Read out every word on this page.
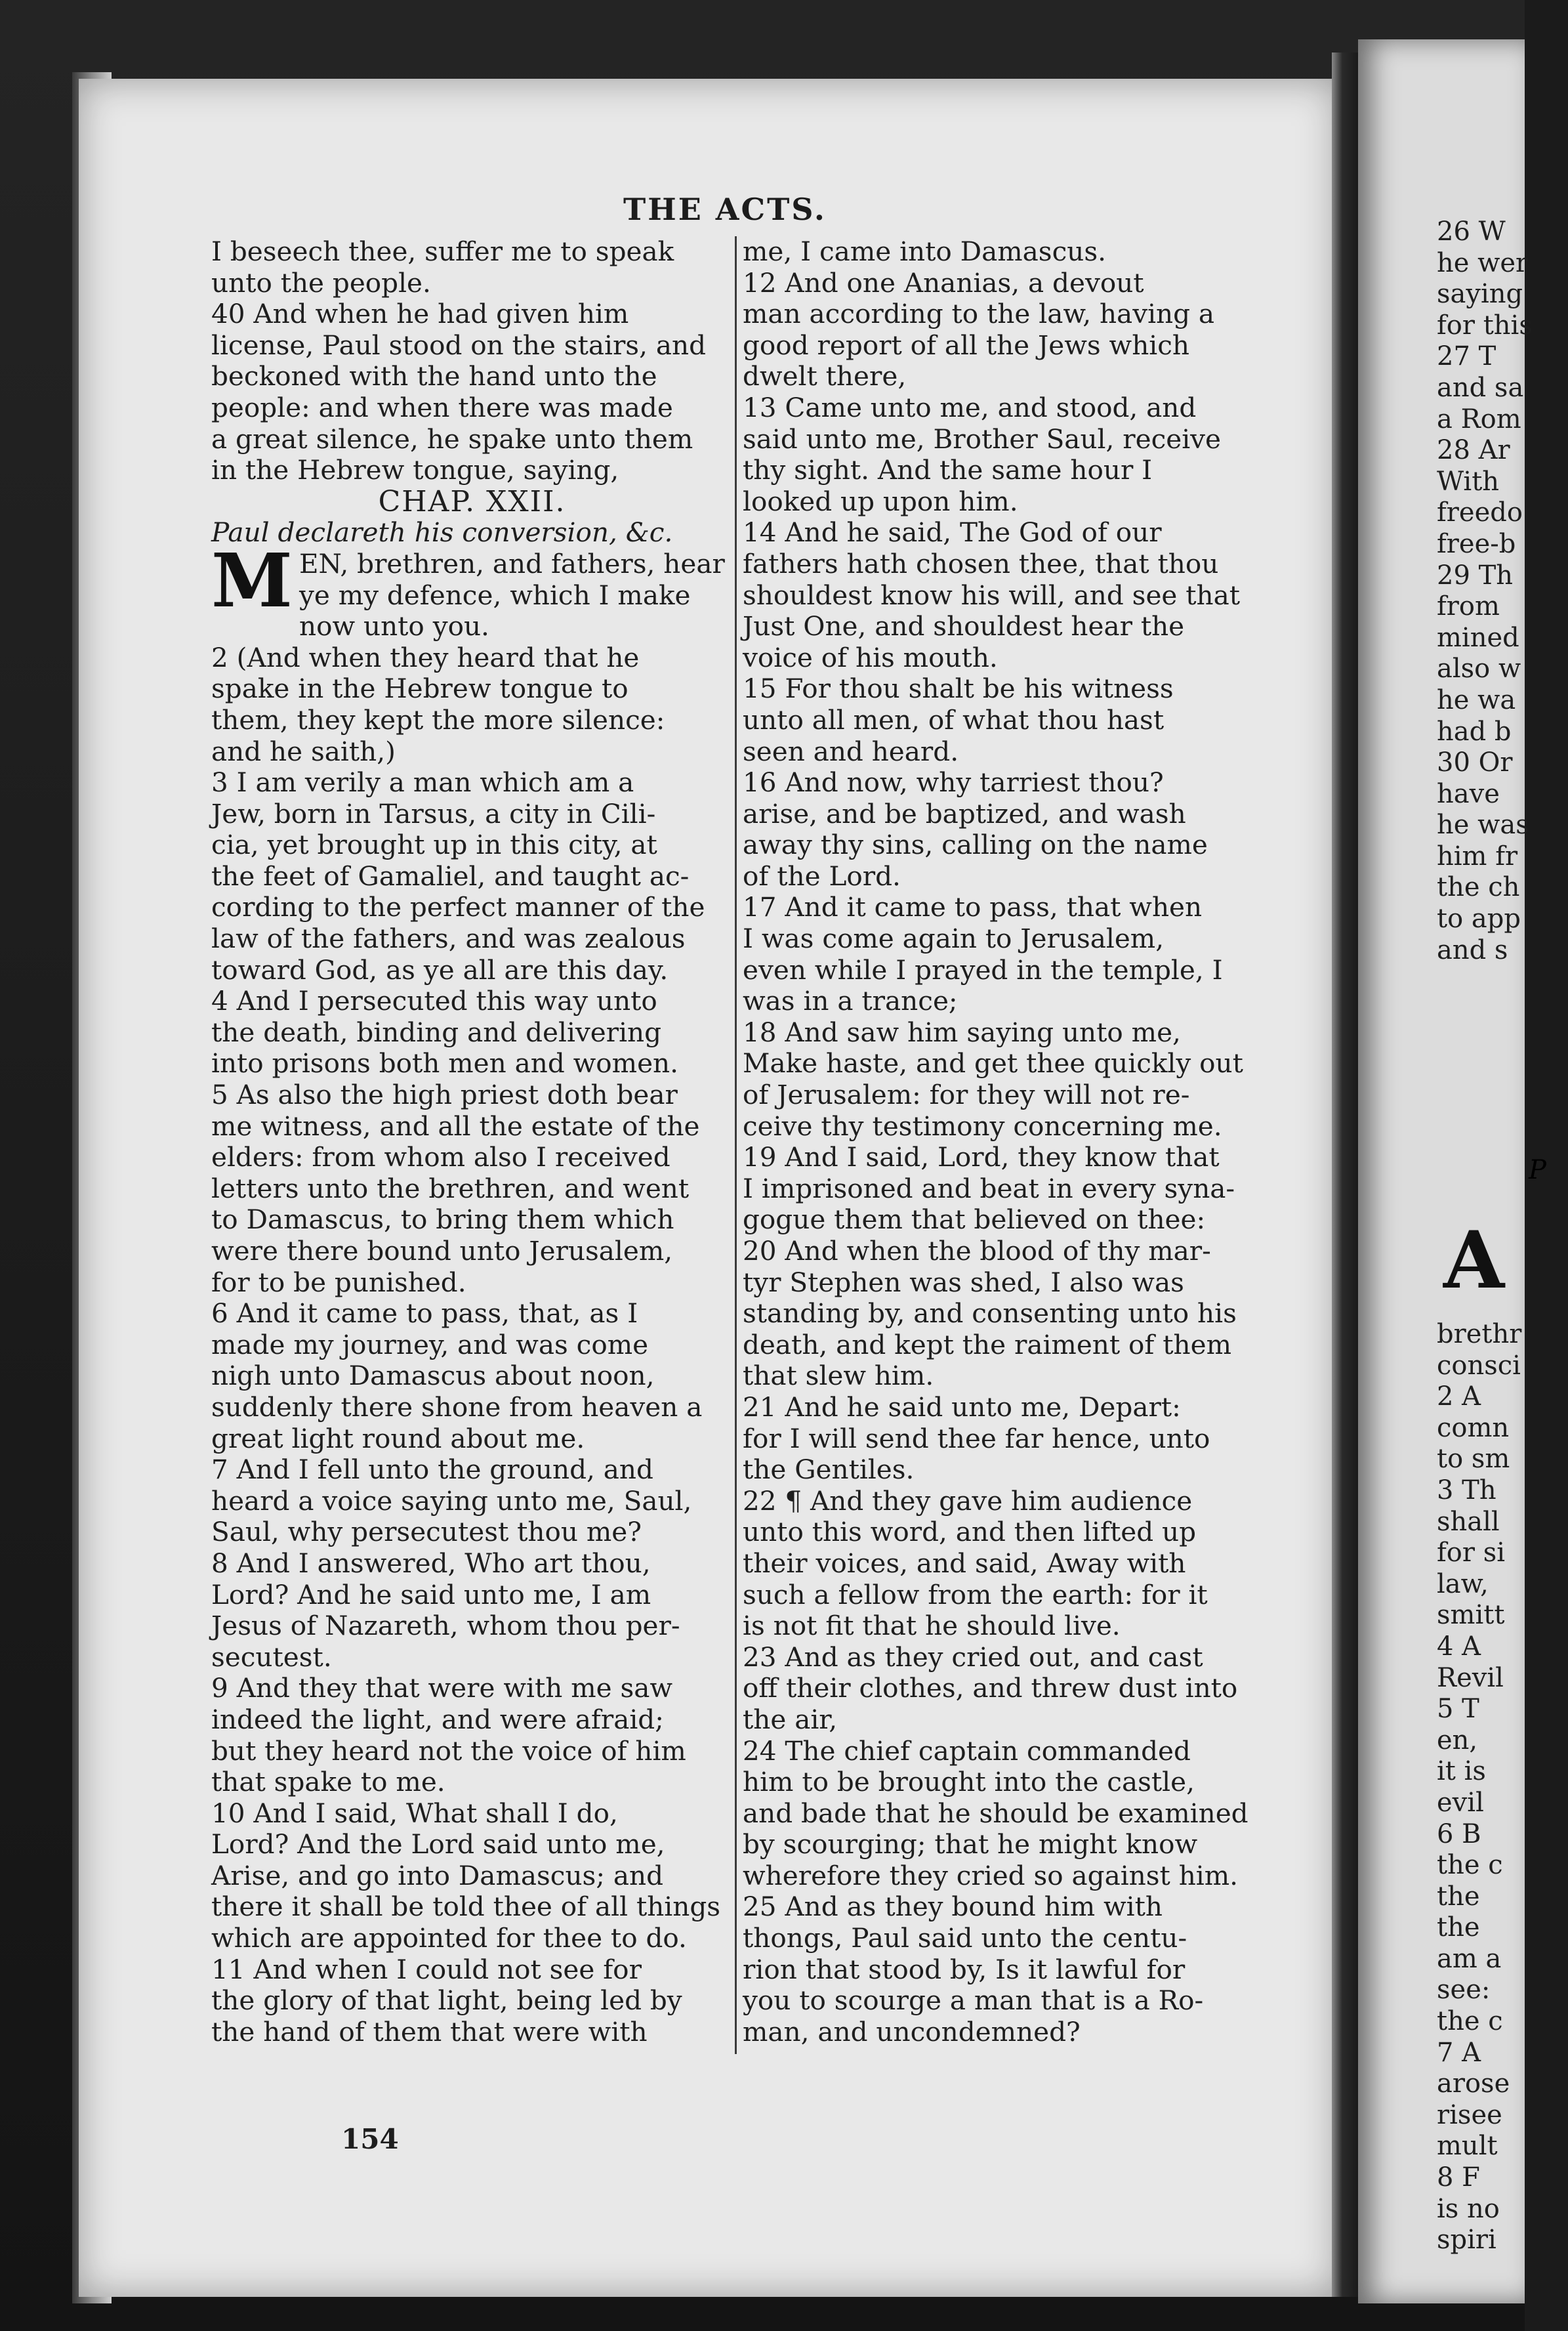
THE ACTS.
I beseech thee, suffer me to speak
unto the people.
40 And when he had given him
license, Paul stood on the stairs, and
beckoned with the hand unto the
people: and when there was made
a great silence, he spake unto them
in the Hebrew tongue, saying,
CHAP. XXII.
Paul declareth his conversion, &c.
M EN, brethren, and fathers, hear
ye my defence, which I make
now unto you.
2 (And when they heard that he
spake in the Hebrew tongue to
them, they kept the more silence:
and he saith,)
3 I am verily a man which am a
Jew, born in Tarsus, a city in Cili-
cia, yet brought up in this city, at
the feet of Gamaliel, and taught ac-
cording to the perfect manner of the
law of the fathers, and was zealous
toward God, as ye all are this day.
4 And I persecuted this way unto
the death, binding and delivering
into prisons both men and women.
5 As also the high priest doth bear
me witness, and all the estate of the
elders: from whom also I received
letters unto the brethren, and went
to Damascus, to bring them which
were there bound unto Jerusalem,
for to be punished.
6 And it came to pass, that, as I
made my journey, and was come
nigh unto Damascus about noon,
suddenly there shone from heaven a
great light round about me.
7 And I fell unto the ground, and
heard a voice saying unto me, Saul,
Saul, why persecutest thou me?
8 And I answered, Who art thou,
Lord? And he said unto me, I am
Jesus of Nazareth, whom thou per-
secutest.
9 And they that were with me saw
indeed the light, and were afraid;
but they heard not the voice of him
that spake to me.
10 And I said, What shall I do,
Lord? And the Lord said unto me,
Arise, and go into Damascus; and
there it shall be told thee of all things
which are appointed for thee to do.
11 And when I could not see for
the glory of that light, being led by
the hand of them that were with
me, I came into Damascus.
12 And one Ananias, a devout
man according to the law, having a
good report of all the Jews which
dwelt there,
13 Came unto me, and stood, and
said unto me, Brother Saul, receive
thy sight. And the same hour I
looked up upon him.
14 And he said, The God of our
fathers hath chosen thee, that thou
shouldest know his will, and see that
Just One, and shouldest hear the
voice of his mouth.
15 For thou shalt be his witness
unto all men, of what thou hast
seen and heard.
16 And now, why tarriest thou?
arise, and be baptized, and wash
away thy sins, calling on the name
of the Lord.
17 And it came to pass, that when
I was come again to Jerusalem,
even while I prayed in the temple, I
was in a trance;
18 And saw him saying unto me,
Make haste, and get thee quickly out
of Jerusalem: for they will not re-
ceive thy testimony concerning me.
19 And I said, Lord, they know that
I imprisoned and beat in every syna-
gogue them that believed on thee:
20 And when the blood of thy mar-
tyr Stephen was shed, I also was
standing by, and consenting unto his
death, and kept the raiment of them
that slew him.
21 And he said unto me, Depart:
for I will send thee far hence, unto
the Gentiles.
22 ¶ And they gave him audience
unto this word, and then lifted up
their voices, and said, Away with
such a fellow from the earth: for it
is not fit that he should live.
23 And as they cried out, and cast
off their clothes, and threw dust into
the air,
24 The chief captain commanded
him to be brought into the castle,
and bade that he should be examined
by scourging; that he might know
wherefore they cried so against him.
25 And as they bound him with
thongs, Paul said unto the centu-
rion that stood by, Is it lawful for
you to scourge a man that is a Ro-
man, and uncondemned?
154
26 W
he wer
saying
for this
27 T
and sa
a Rom
28 Ar
With
freedo
free-b
29 Th
from
mined
also w
he wa
had b
30 Or
have
he was
him fr
the ch
to app
and s
P
A
brethr
consci
2 A
comn
to sm
3 Th
shall
for si
law,
smitt
4 A
Revil
5 T
en,
it is
evil
6 B
the c
the
the
am a
see:
the c
7 A
arose
risee
mult
8 F
is no
spiri
